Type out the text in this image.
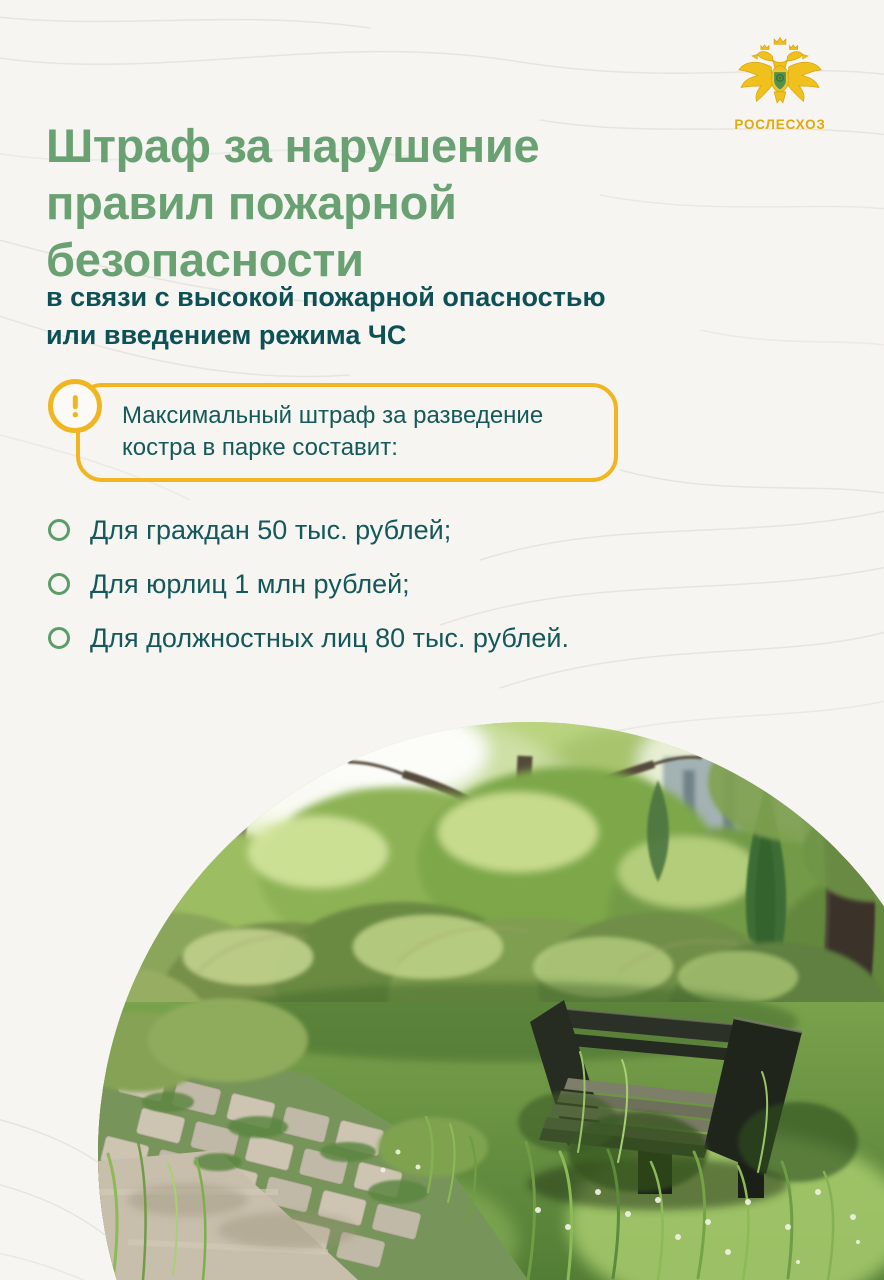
РОСЛЕСХОЗ
Штраф за нарушение правил пожарной безопасности

в связи с высокой пожарной опасностью или введением режима ЧС

Максимальный штраф за разведение костра в парке составит:
Для граждан 50 тыс. рублей;
Для юрлиц 1 млн рублей;
Для должностных лиц 80 тыс. рублей.
